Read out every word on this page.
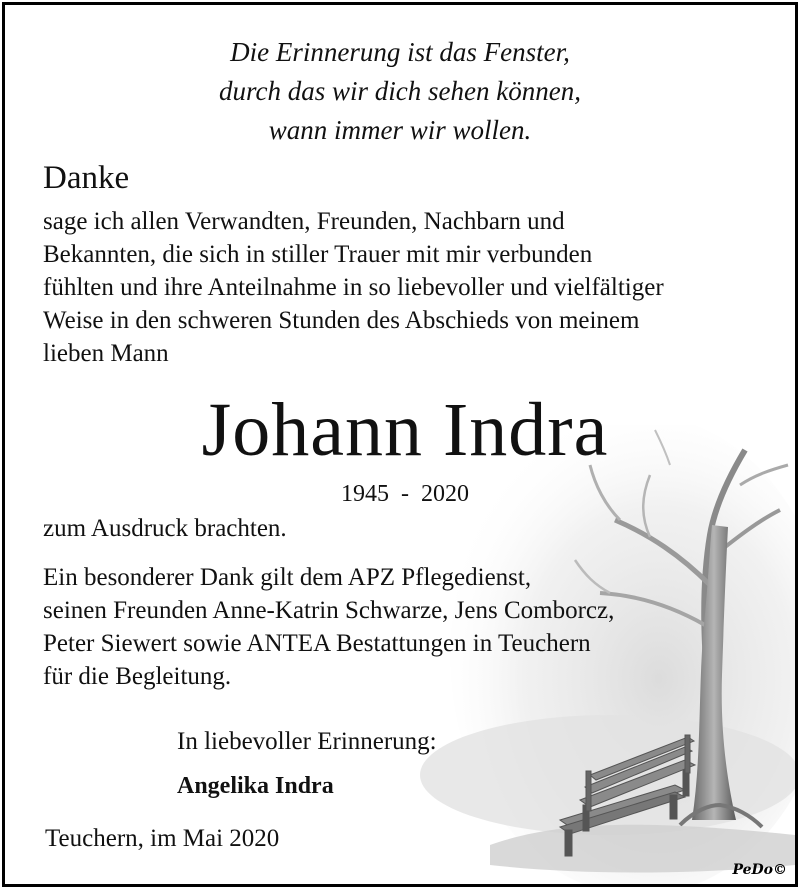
Die Erinnerung ist das Fenster,
durch das wir dich sehen können,
wann immer wir wollen.
Danke
sage ich allen Verwandten, Freunden, Nachbarn und
Bekannten, die sich in stiller Trauer mit mir verbunden
fühlten und ihre Anteilnahme in so liebevoller und vielfältiger
Weise in den schweren Stunden des Abschieds von meinem
lieben Mann
Johann Indra
1945  -  2020
zum Ausdruck brachten.
Ein besonderer Dank gilt dem APZ Pflegedienst,
seinen Freunden Anne-Katrin Schwarze, Jens Comborcz,
Peter Siewert sowie ANTEA Bestattungen in Teuchern
für die Begleitung.
In liebevoller Erinnerung:
Angelika Indra
Teuchern, im Mai 2020
PeDo©
